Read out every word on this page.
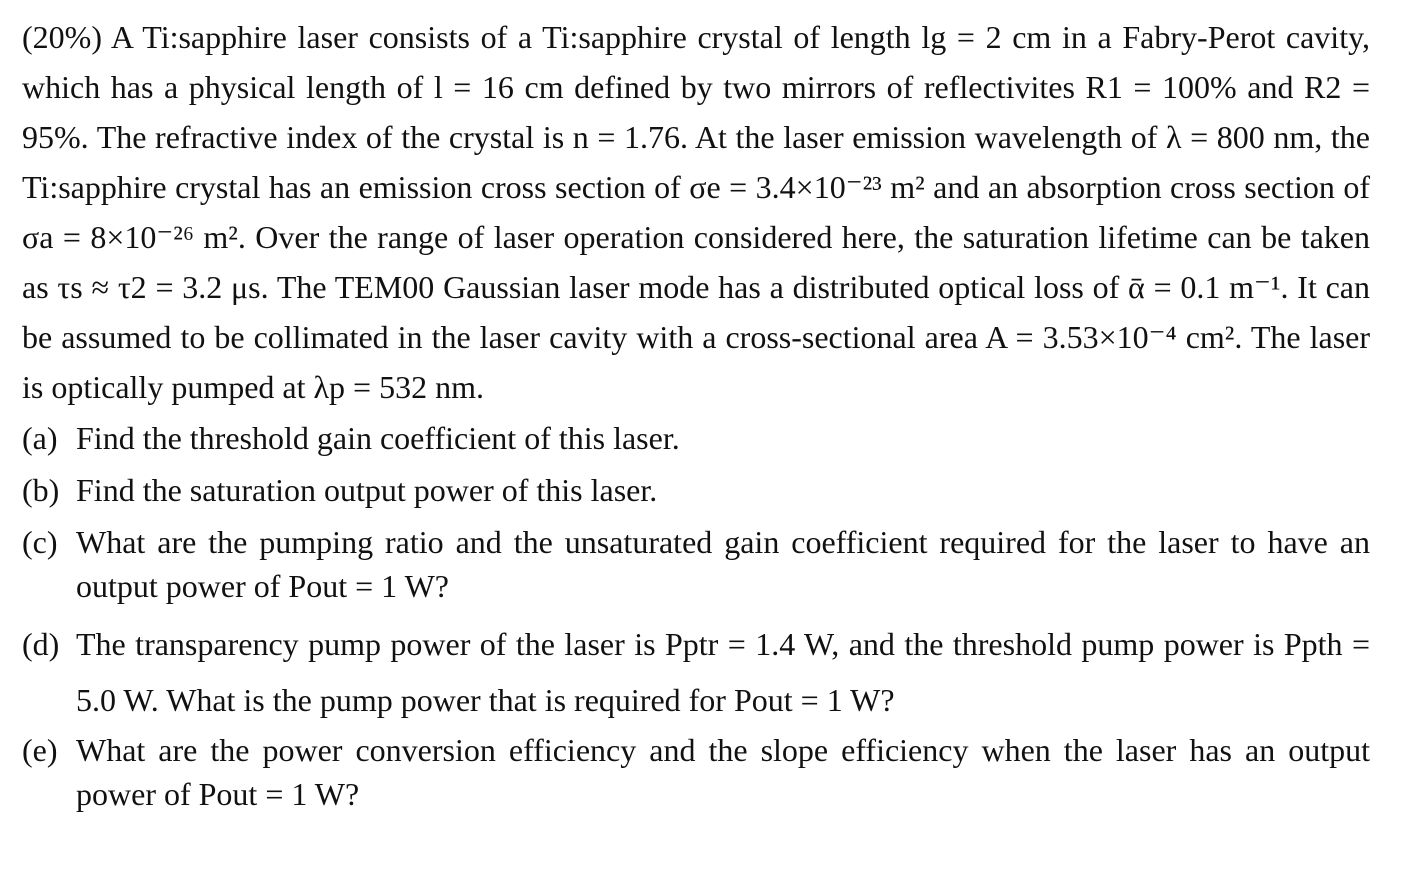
(20%) A Ti:sapphire laser consists of a Ti:sapphire crystal of length lg = 2 cm in a Fabry-Perot cavity, which has a physical length of l = 16 cm defined by two mirrors of reflectivites R1 = 100% and R2 = 95%. The refractive index of the crystal is n = 1.76. At the laser emission wavelength of λ = 800 nm, the Ti:sapphire crystal has an emission cross section of σe = 3.4×10⁻²³ m² and an absorption cross section of σa = 8×10⁻²⁶ m². Over the range of laser operation considered here, the saturation lifetime can be taken as τs ≈ τ2 = 3.2 μs. The TEM00 Gaussian laser mode has a distributed optical loss of ᾱ = 0.1 m⁻¹. It can be assumed to be collimated in the laser cavity with a cross-sectional area A = 3.53×10⁻⁴ cm². The laser is optically pumped at λp = 532 nm.
(a) Find the threshold gain coefficient of this laser.
(b) Find the saturation output power of this laser.
(c) What are the pumping ratio and the unsaturated gain coefficient required for the laser to have an output power of Pout = 1 W?
(d) The transparency pump power of the laser is Pptr = 1.4 W, and the threshold pump power is Ppth = 5.0 W. What is the pump power that is required for Pout = 1 W?
(e) What are the power conversion efficiency and the slope efficiency when the laser has an output power of Pout = 1 W?
